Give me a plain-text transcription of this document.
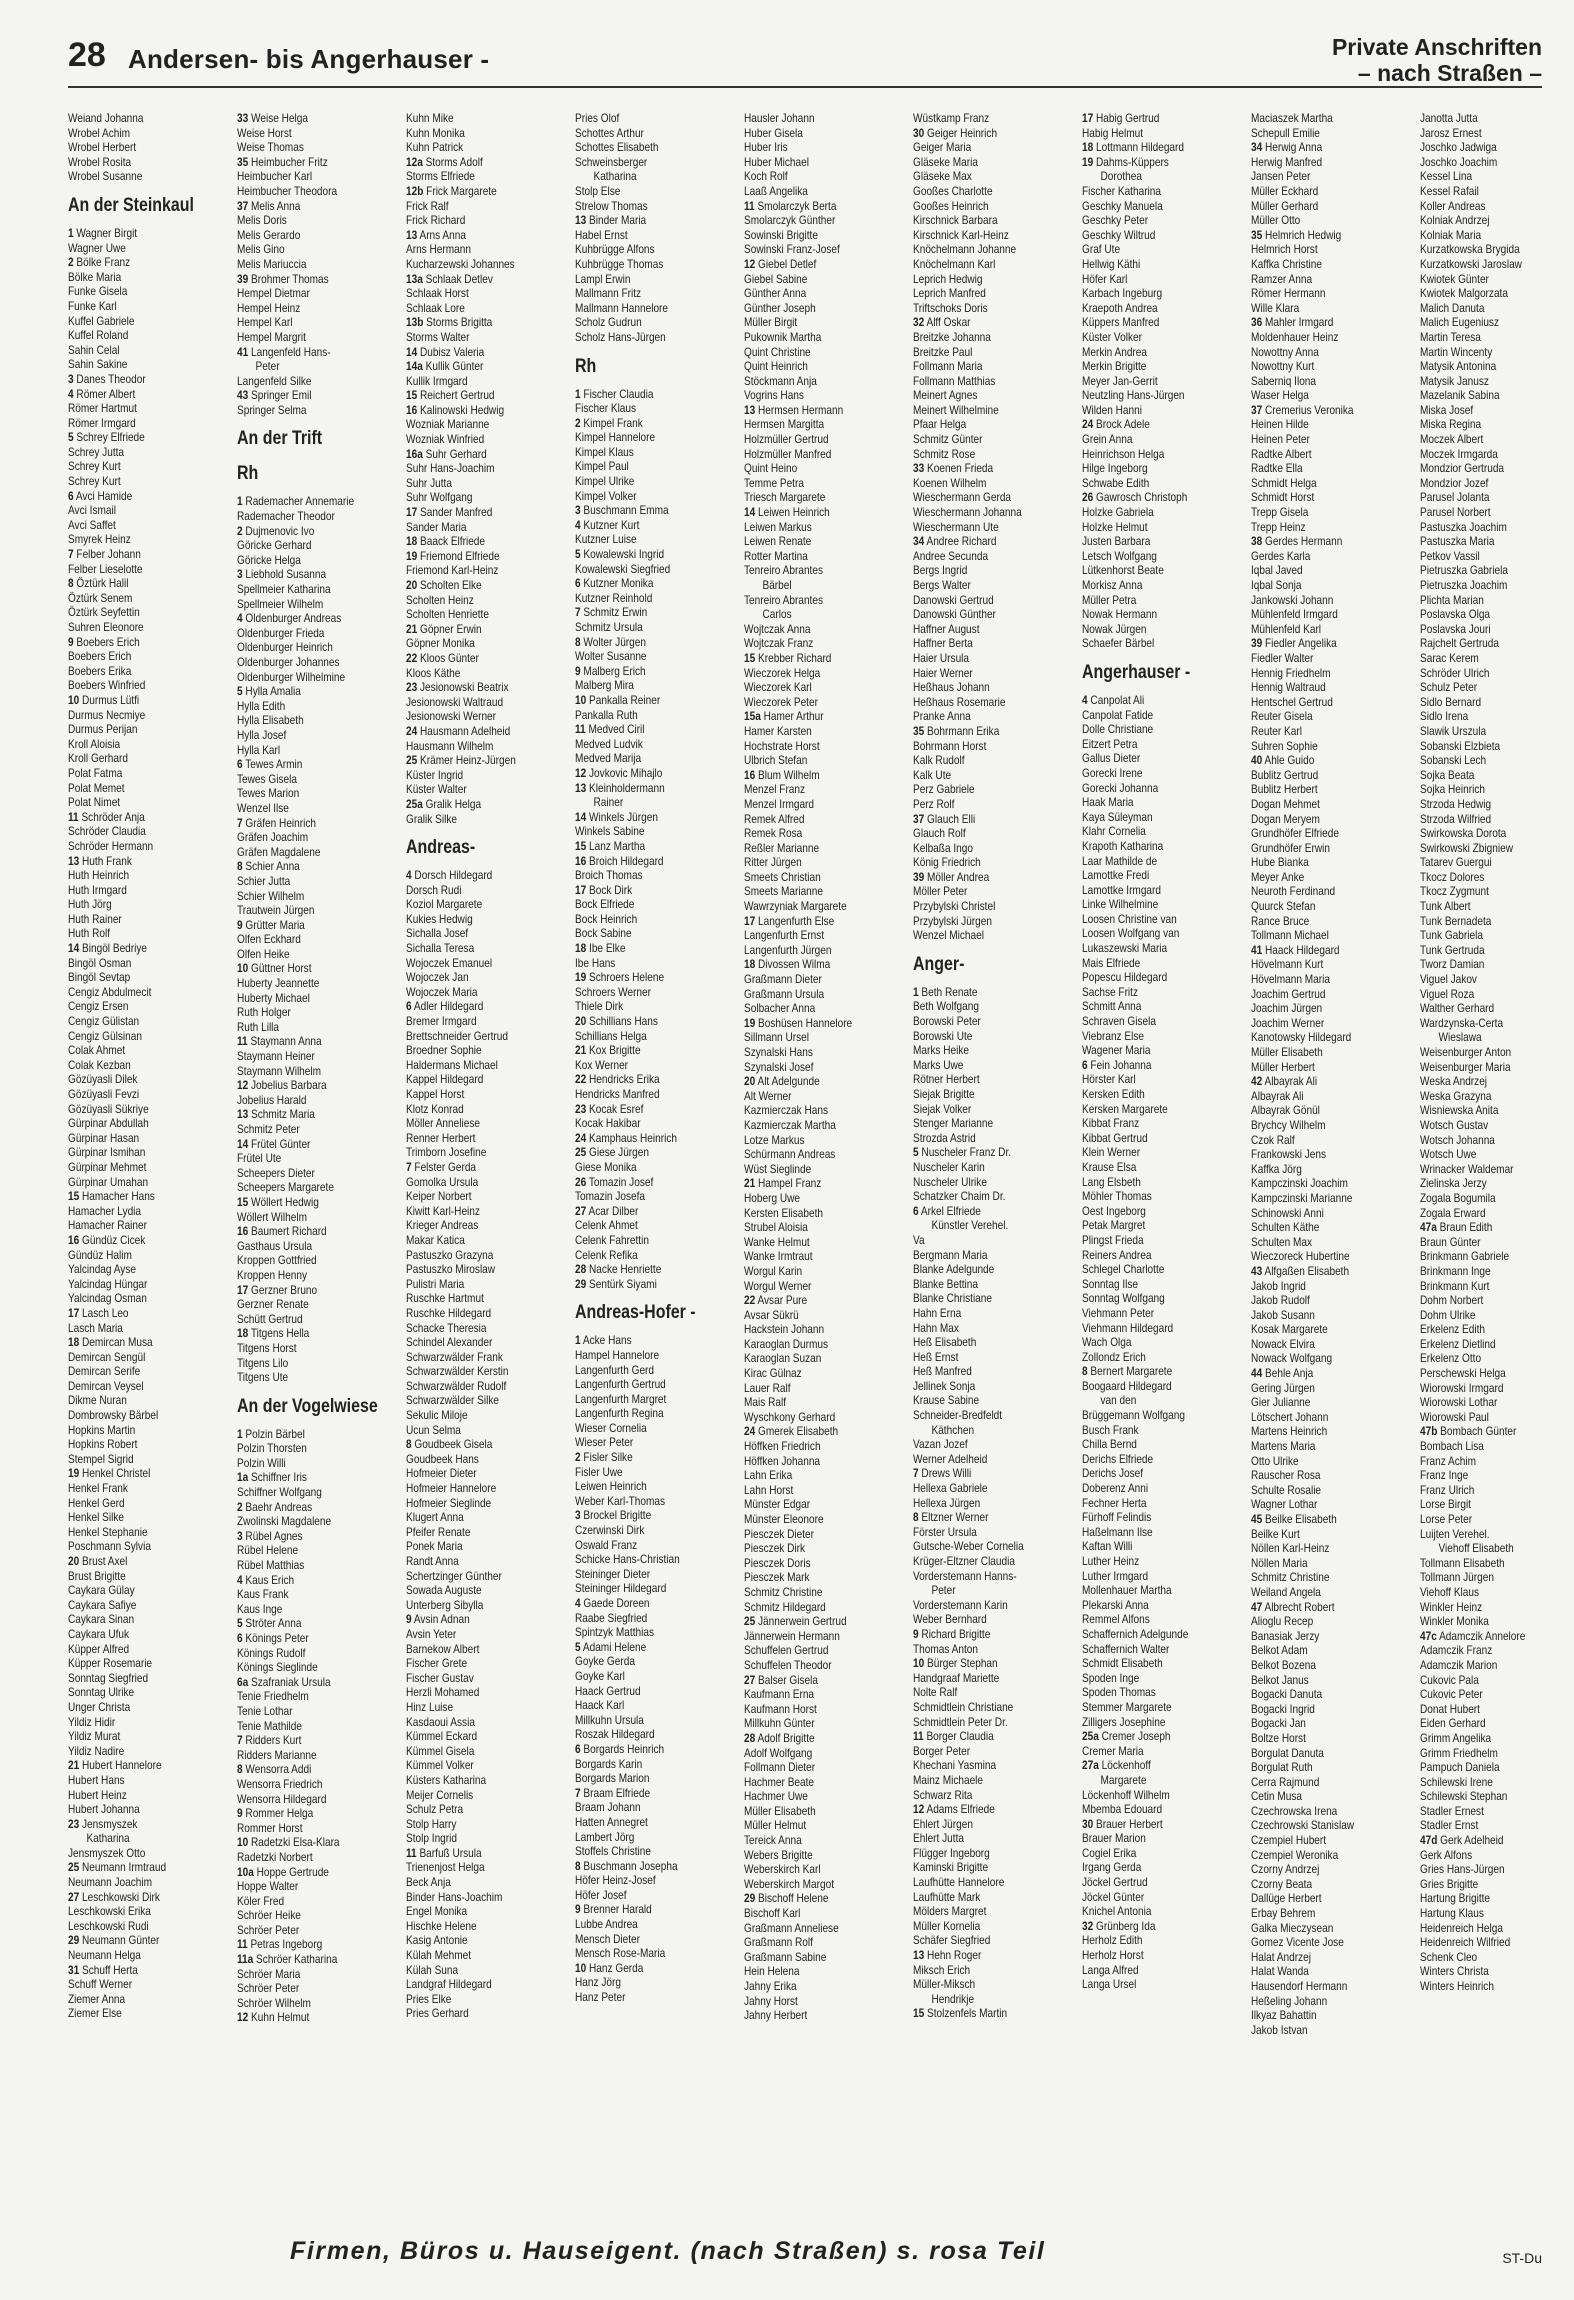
28 Andersen- bis Angerhauser -	Private Anschriften
– nach Straßen –
Weiand Johanna
Wrobel Achim
Wrobel Herbert
Wrobel Rosita
Wrobel Susanne
An der Steinkaul
1 Wagner Birgit
Wagner Uwe
2 Bölke Franz
Bölke Maria
Funke Gisela
Funke Karl
Kuffel Gabriele
Kuffel Roland
Sahin Celal
Sahin Sakine
3 Danes Theodor
4 Römer Albert
Römer Hartmut
Römer Irmgard
5 Schrey Elfriede
Schrey Jutta
Schrey Kurt
Schrey Kurt
6 Avci Hamide
Avci Ismail
Avci Saffet
Smyrek Heinz
7 Felber Johann
Felber Lieselotte
8 Öztürk Halil
Öztürk Senem
Öztürk Seyfettin
Suhren Eleonore
9 Boebers Erich
Boebers Erich
Boebers Erika
Boebers Winfried
10 Durmus Lütfi
Durmus Necmiye
Durmus Perijan
Kroll Aloisia
Kroll Gerhard
Polat Fatma
Polat Memet
Polat Nimet
11 Schröder Anja
Schröder Claudia
Schröder Hermann
13 Huth Frank
Huth Heinrich
Huth Irmgard
Huth Jörg
Huth Rainer
Huth Rolf
14 Bingöl Bedriye
Bingöl Osman
Bingöl Sevtap
Cengiz Abdulmecit
Cengiz Ersen
Cengiz Gülistan
Cengiz Gülsinan
Colak Ahmet
Colak Kezban
Gözüyasli Dilek
Gözüyasli Fevzi
Gözüyasli Sükriye
Gürpinar Abdullah
Gürpinar Hasan
Gürpinar Ismihan
Gürpinar Mehmet
Gürpinar Umahan
15 Hamacher Hans
Hamacher Lydia
Hamacher Rainer
16 Gündüz Cicek
Gündüz Halim
Yalcindag Ayse
Yalcindag Hüngar
Yalcindag Osman
17 Lasch Leo
Lasch Maria
18 Demircan Musa
Demircan Sengül
Demircan Serife
Demircan Veysel
Dikme Nuran
Dombrowsky Bärbel
Hopkins Martin
Hopkins Robert
Stempel Sigrid
19 Henkel Christel
Henkel Frank
Henkel Gerd
Henkel Silke
Henkel Stephanie
Poschmann Sylvia
20 Brust Axel
Brust Brigitte
Caykara Gülay
Caykara Safiye
Caykara Sinan
Caykara Ufuk
Küpper Alfred
Küpper Rosemarie
Sonntag Siegfried
Sonntag Ulrike
Unger Christa
Yildiz Hidir
Yildiz Murat
Yildiz Nadire
21 Hubert Hannelore
Hubert Hans
Hubert Heinz
Hubert Johanna
23 Jensmyszek
Katharina
Jensmyszek Otto
25 Neumann Irmtraud
Neumann Joachim
27 Leschkowski Dirk
Leschkowski Erika
Leschkowski Rudi
29 Neumann Günter
Neumann Helga
31 Schuff Herta
Schuff Werner
Ziemer Anna
Ziemer Else
33 Weise Helga
Weise Horst
Weise Thomas
35 Heimbucher Fritz
Heimbucher Karl
Heimbucher Theodora
37 Melis Anna
Melis Doris
Melis Gerardo
Melis Gino
Melis Mariuccia
39 Brohmer Thomas
Hempel Dietmar
Hempel Heinz
Hempel Karl
Hempel Margrit
41 Langenfeld Hans-
Peter
Langenfeld Silke
43 Springer Emil
Springer Selma
An der Trift
Rh
1 Rademacher Annemarie
Rademacher Theodor
2 Dujmenovic Ivo
Göricke Gerhard
Göricke Helga
3 Liebhold Susanna
Spellmeier Katharina
Spellmeier Wilhelm
4 Oldenburger Andreas
Oldenburger Frieda
Oldenburger Heinrich
Oldenburger Johannes
Oldenburger Wilhelmine
5 Hylla Amalia
Hylla Edith
Hylla Elisabeth
Hylla Josef
Hylla Karl
6 Tewes Armin
Tewes Gisela
Tewes Marion
Wenzel Ilse
7 Gräfen Heinrich
Gräfen Joachim
Gräfen Magdalene
8 Schier Anna
Schier Jutta
Schier Wilhelm
Trautwein Jürgen
9 Grütter Maria
Olfen Eckhard
Olfen Heike
10 Güttner Horst
Huberty Jeannette
Huberty Michael
Ruth Holger
Ruth Lilla
11 Staymann Anna
Staymann Heiner
Staymann Wilhelm
12 Jobelius Barbara
Jobelius Harald
13 Schmitz Maria
Schmitz Peter
14 Frütel Günter
Frütel Ute
Scheepers Dieter
Scheepers Margarete
15 Wöllert Hedwig
Wöllert Wilhelm
16 Baumert Richard
Gasthaus Ursula
Kroppen Gottfried
Kroppen Henny
17 Gerzner Bruno
Gerzner Renate
Schütt Gertrud
18 Titgens Hella
Titgens Horst
Titgens Lilo
Titgens Ute
An der Vogelwiese
1 Polzin Bärbel
Polzin Thorsten
Polzin Willi
1a Schiffner Iris
Schiffner Wolfgang
2 Baehr Andreas
Zwolinski Magdalene
3 Rübel Agnes
Rübel Helene
Rübel Matthias
4 Kaus Erich
Kaus Frank
Kaus Inge
5 Ströter Anna
6 Könings Peter
Könings Rudolf
Könings Sieglinde
6a Szafraniak Ursula
Tenie Friedhelm
Tenie Lothar
Tenie Mathilde
7 Ridders Kurt
Ridders Marianne
8 Wensorra Addi
Wensorra Friedrich
Wensorra Hildegard
9 Rommer Helga
Rommer Horst
10 Radetzki Elsa-Klara
Radetzki Norbert
10a Hoppe Gertrude
Hoppe Walter
Köler Fred
Schröer Heike
Schröer Peter
11 Petras Ingeborg
11a Schröer Katharina
Schröer Maria
Schröer Peter
Schröer Wilhelm
12 Kuhn Helmut
Kuhn Mike
Kuhn Monika
Kuhn Patrick
12a Storms Adolf
Storms Elfriede
12b Frick Margarete
Frick Ralf
Frick Richard
13 Arns Anna
Arns Hermann
Kucharzewski Johannes
13a Schlaak Detlev
Schlaak Horst
Schlaak Lore
13b Storms Brigitta
Storms Walter
14 Dubisz Valeria
14a Kullik Günter
Kullik Irmgard
15 Reichert Gertrud
16 Kalinowski Hedwig
Wozniak Marianne
Wozniak Winfried
16a Suhr Gerhard
Suhr Hans-Joachim
Suhr Jutta
Suhr Wolfgang
17 Sander Manfred
Sander Maria
18 Baack Elfriede
19 Friemond Elfriede
Friemond Karl-Heinz
20 Scholten Elke
Scholten Heinz
Scholten Henriette
21 Göpner Erwin
Göpner Monika
22 Kloos Günter
Kloos Käthe
23 Jesionowski Beatrix
Jesionowski Waltraud
Jesionowski Werner
24 Hausmann Adelheid
Hausmann Wilhelm
25 Krämer Heinz-Jürgen
Küster Ingrid
Küster Walter
25a Gralik Helga
Gralik Silke
Andreas-
4 Dorsch Hildegard
Dorsch Rudi
Koziol Margarete
Kukies Hedwig
Sichalla Josef
Sichalla Teresa
Wojoczek Emanuel
Wojoczek Jan
Wojoczek Maria
6 Adler Hildegard
Bremer Irmgard
Brettschneider Gertrud
Broedner Sophie
Haldermans Michael
Kappel Hildegard
Kappel Horst
Klotz Konrad
Möller Anneliese
Renner Herbert
Trimborn Josefine
7 Felster Gerda
Gomolka Ursula
Keiper Norbert
Kiwitt Karl-Heinz
Krieger Andreas
Makar Katica
Pastuszko Grazyna
Pastuszko Miroslaw
Pulistri Maria
Ruschke Hartmut
Ruschke Hildegard
Schacke Theresia
Schindel Alexander
Schwarzwälder Frank
Schwarzwälder Kerstin
Schwarzwälder Rudolf
Schwarzwälder Silke
Sekulic Miloje
Ucun Selma
8 Goudbeek Gisela
Goudbeek Hans
Hofmeier Dieter
Hofmeier Hannelore
Hofmeier Sieglinde
Klugert Anna
Pfeifer Renate
Ponek Maria
Randt Anna
Schertzinger Günther
Sowada Auguste
Unterberg Sibylla
9 Avsin Adnan
Avsin Yeter
Barnekow Albert
Fischer Grete
Fischer Gustav
Herzli Mohamed
Hinz Luise
Kasdaoui Assia
Kümmel Eckard
Kümmel Gisela
Kümmel Volker
Küsters Katharina
Meijer Cornelis
Schulz Petra
Stolp Harry
Stolp Ingrid
11 Barfuß Ursula
Trienenjost Helga
Beck Anja
Binder Hans-Joachim
Engel Monika
Hischke Helene
Kasig Antonie
Külah Mehmet
Külah Suna
Landgraf Hildegard
Pries Elke
Pries Gerhard
Pries Olof
Schottes Arthur
Schottes Elisabeth
Schweinsberger
Katharina
Stolp Else
Strelow Thomas
13 Binder Maria
Habel Ernst
Kuhbrügge Alfons
Kuhbrügge Thomas
Lampl Erwin
Mallmann Fritz
Mallmann Hannelore
Scholz Gudrun
Scholz Hans-Jürgen
Rh
1 Fischer Claudia
Fischer Klaus
2 Kimpel Frank
Kimpel Hannelore
Kimpel Klaus
Kimpel Paul
Kimpel Ulrike
Kimpel Volker
3 Buschmann Emma
4 Kutzner Kurt
Kutzner Luise
5 Kowalewski Ingrid
Kowalewski Siegfried
6 Kutzner Monika
Kutzner Reinhold
7 Schmitz Erwin
Schmitz Ursula
8 Wolter Jürgen
Wolter Susanne
9 Malberg Erich
Malberg Mira
10 Pankalla Reiner
Pankalla Ruth
11 Medved Ciril
Medved Ludvik
Medved Marija
12 Jovkovic Mihajlo
13 Kleinholdermann
Rainer
14 Winkels Jürgen
Winkels Sabine
15 Lanz Martha
16 Broich Hildegard
Broich Thomas
17 Bock Dirk
Bock Elfriede
Bock Heinrich
Bock Sabine
18 Ibe Elke
Ibe Hans
19 Schroers Helene
Schroers Werner
Thiele Dirk
20 Schillians Hans
Schillians Helga
21 Kox Brigitte
Kox Werner
22 Hendricks Erika
Hendricks Manfred
23 Kocak Esref
Kocak Hakibar
24 Kamphaus Heinrich
25 Giese Jürgen
Giese Monika
26 Tomazin Josef
Tomazin Josefa
27 Acar Dilber
Celenk Ahmet
Celenk Fahrettin
Celenk Refika
28 Nacke Henriette
29 Sentürk Siyami
Andreas-Hofer -
1 Acke Hans
Hampel Hannelore
Langenfurth Gerd
Langenfurth Gertrud
Langenfurth Margret
Langenfurth Regina
Wieser Cornelia
Wieser Peter
2 Fisler Silke
Fisler Uwe
Leiwen Heinrich
Weber Karl-Thomas
3 Brockel Brigitte
Czerwinski Dirk
Oswald Franz
Schicke Hans-Christian
Steininger Dieter
Steininger Hildegard
4 Gaede Doreen
Raabe Siegfried
Spintzyk Matthias
5 Adami Helene
Goyke Gerda
Goyke Karl
Haack Gertrud
Haack Karl
Millkuhn Ursula
Roszak Hildegard
6 Borgards Heinrich
Borgards Karin
Borgards Marion
7 Braam Elfriede
Braam Johann
Hatten Annegret
Lambert Jörg
Stoffels Christine
8 Buschmann Josepha
Höfer Heinz-Josef
Höfer Josef
9 Brenner Harald
Lubbe Andrea
Mensch Dieter
Mensch Rose-Maria
10 Hanz Gerda
Hanz Jörg
Hanz Peter
Hausler Johann
Huber Gisela
Huber Iris
Huber Michael
Koch Rolf
Laaß Angelika
11 Smolarczyk Berta
Smolarczyk Günther
Sowinski Brigitte
Sowinski Franz-Josef
12 Giebel Detlef
Giebel Sabine
Günther Anna
Günther Joseph
Müller Birgit
Pukownik Martha
Quint Christine
Quint Heinrich
Stöckmann Anja
Vogrins Hans
13 Hermsen Hermann
Hermsen Margitta
Holzmüller Gertrud
Holzmüller Manfred
Quint Heino
Temme Petra
Triesch Margarete
14 Leiwen Heinrich
Leiwen Markus
Leiwen Renate
Rotter Martina
Tenreiro Abrantes
Bärbel
Tenreiro Abrantes
Carlos
Wojtczak Anna
Wojtczak Franz
15 Krebber Richard
Wieczorek Helga
Wieczorek Karl
Wieczorek Peter
15a Hamer Arthur
Hamer Karsten
Hochstrate Horst
Ulbrich Stefan
16 Blum Wilhelm
Menzel Franz
Menzel Irmgard
Remek Alfred
Remek Rosa
Reßler Marianne
Ritter Jürgen
Smeets Christian
Smeets Marianne
Wawrzyniak Margarete
17 Langenfurth Else
Langenfurth Ernst
Langenfurth Jürgen
18 Divossen Wilma
Graßmann Dieter
Graßmann Ursula
Solbacher Anna
19 Boshüsen Hannelore
Sillmann Ursel
Szynalski Hans
Szynalski Josef
20 Alt Adelgunde
Alt Werner
Kazmierczak Hans
Kazmierczak Martha
Lotze Markus
Schürmann Andreas
Wüst Sieglinde
21 Hampel Franz
Hoberg Uwe
Kersten Elisabeth
Strubel Aloisia
Wanke Helmut
Wanke Irmtraut
Worgul Karin
Worgul Werner
22 Avsar Pure
Avsar Sükrü
Hackstein Johann
Karaoglan Durmus
Karaoglan Suzan
Kirac Gülnaz
Lauer Ralf
Mais Ralf
Wyschkony Gerhard
24 Gmerek Elisabeth
Höffken Friedrich
Höffken Johanna
Lahn Erika
Lahn Horst
Münster Edgar
Münster Eleonore
Piesczek Dieter
Piesczek Dirk
Piesczek Doris
Piesczek Mark
Schmitz Christine
Schmitz Hildegard
25 Jännerwein Gertrud
Jännerwein Hermann
Schuffelen Gertrud
Schuffelen Theodor
27 Balser Gisela
Kaufmann Erna
Kaufmann Horst
Millkuhn Günter
28 Adolf Brigitte
Adolf Wolfgang
Follmann Dieter
Hachmer Beate
Hachmer Uwe
Müller Elisabeth
Müller Helmut
Tereick Anna
Webers Brigitte
Weberskirch Karl
Weberskirch Margot
29 Bischoff Helene
Bischoff Karl
Graßmann Anneliese
Graßmann Rolf
Graßmann Sabine
Hein Helena
Jahny Erika
Jahny Horst
Jahny Herbert
Wüstkamp Franz
30 Geiger Heinrich
Geiger Maria
Gläseke Maria
Gläseke Max
Gooßes Charlotte
Gooßes Heinrich
Kirschnick Barbara
Kirschnick Karl-Heinz
Knöchelmann Johanne
Knöchelmann Karl
Leprich Hedwig
Leprich Manfred
Triftschoks Doris
32 Alff Oskar
Breitzke Johanna
Breitzke Paul
Follmann Maria
Follmann Matthias
Meinert Agnes
Meinert Wilhelmine
Pfaar Helga
Schmitz Günter
Schmitz Rose
33 Koenen Frieda
Koenen Wilhelm
Wieschermann Gerda
Wieschermann Johanna
Wieschermann Ute
34 Andree Richard
Andree Secunda
Bergs Ingrid
Bergs Walter
Danowski Gertrud
Danowski Günther
Haffner August
Haffner Berta
Haier Ursula
Haier Werner
Heßhaus Johann
Heßhaus Rosemarie
Pranke Anna
35 Bohrmann Erika
Bohrmann Horst
Kalk Rudolf
Kalk Ute
Perz Gabriele
Perz Rolf
37 Glauch Elli
Glauch Rolf
Kelbaßa Ingo
König Friedrich
39 Möller Andrea
Möller Peter
Przybylski Christel
Przybylski Jürgen
Wenzel Michael
Anger-
1 Beth Renate
Beth Wolfgang
Borowski Peter
Borowski Ute
Marks Heike
Marks Uwe
Rötner Herbert
Siejak Brigitte
Siejak Volker
Stenger Marianne
Strozda Astrid
5 Nuscheler Franz Dr.
Nuscheler Karin
Nuscheler Ulrike
Schatzker Chaim Dr.
6 Arkel Elfriede
Künstler Verehel.
Va
Bergmann Maria
Blanke Adelgunde
Blanke Bettina
Blanke Christiane
Hahn Erna
Hahn Max
Heß Elisabeth
Heß Ernst
Heß Manfred
Jellinek Sonja
Krause Sabine
Schneider-Bredfeldt
Käthchen
Vazan Jozef
Werner Adelheid
7 Drews Willi
Hellexa Gabriele
Hellexa Jürgen
8 Eltzner Werner
Förster Ursula
Gutsche-Weber Cornelia
Krüger-Eltzner Claudia
Vorderstemann Hanns-
Peter
Vorderstemann Karin
Weber Bernhard
9 Richard Brigitte
Thomas Anton
10 Bürger Stephan
Handgraaf Mariette
Nolte Ralf
Schmidtlein Christiane
Schmidtlein Peter Dr.
11 Borger Claudia
Borger Peter
Khechani Yasmina
Mainz Michaele
Schwarz Rita
12 Adams Elfriede
Ehlert Jürgen
Ehlert Jutta
Flügger Ingeborg
Kaminski Brigitte
Laufhütte Hannelore
Laufhütte Mark
Mölders Margret
Müller Kornelia
Schäfer Siegfried
13 Hehn Roger
Miksch Erich
Müller-Miksch
Hendrikje
15 Stolzenfels Martin
17 Habig Gertrud
Habig Helmut
18 Lottmann Hildegard
19 Dahms-Küppers
Dorothea
Fischer Katharina
Geschky Manuela
Geschky Peter
Geschky Wiltrud
Graf Ute
Hellwig Käthi
Höfer Karl
Karbach Ingeburg
Kraepoth Andrea
Küppers Manfred
Küster Volker
Merkin Andrea
Merkin Brigitte
Meyer Jan-Gerrit
Neutzling Hans-Jürgen
Wilden Hanni
24 Brock Adele
Grein Anna
Heinrichson Helga
Hilge Ingeborg
Schwabe Edith
26 Gawrosch Christoph
Holzke Gabriela
Holzke Helmut
Justen Barbara
Letsch Wolfgang
Lütkenhorst Beate
Morkisz Anna
Müller Petra
Nowak Hermann
Nowak Jürgen
Schaefer Bärbel
Angerhauser -
4 Canpolat Ali
Canpolat Fatide
Dolle Christiane
Eitzert Petra
Gallus Dieter
Gorecki Irene
Gorecki Johanna
Haak Maria
Kaya Süleyman
Klahr Cornelia
Krapoth Katharina
Laar Mathilde de
Lamottke Fredi
Lamottke Irmgard
Linke Wilhelmine
Loosen Christine van
Loosen Wolfgang van
Lukaszewski Maria
Mais Elfriede
Popescu Hildegard
Sachse Fritz
Schmitt Anna
Schraven Gisela
Viebranz Else
Wagener Maria
6 Fein Johanna
Hörster Karl
Kersken Edith
Kersken Margarete
Kibbat Franz
Kibbat Gertrud
Klein Werner
Krause Elsa
Lang Elsbeth
Möhler Thomas
Oest Ingeborg
Petak Margret
Plingst Frieda
Reiners Andrea
Schlegel Charlotte
Sonntag Ilse
Sonntag Wolfgang
Viehmann Peter
Viehmann Hildegard
Wach Olga
Zollondz Erich
8 Bernert Margarete
Boogaard Hildegard
van den
Brüggemann Wolfgang
Busch Frank
Chilla Bernd
Derichs Elfriede
Derichs Josef
Doberenz Anni
Fechner Herta
Fürhoff Felindis
Haßelmann Ilse
Kaftan Willi
Luther Heinz
Luther Irmgard
Mollenhauer Martha
Plekarski Anna
Remmel Alfons
Schaffernich Adelgunde
Schaffernich Walter
Schmidt Elisabeth
Spoden Inge
Spoden Thomas
Stemmer Margarete
Zilligers Josephine
25a Cremer Joseph
Cremer Maria
27a Löckenhoff
Margarete
Löckenhoff Wilhelm
Mbemba Edouard
30 Brauer Herbert
Brauer Marion
Cogiel Erika
Irgang Gerda
Jöckel Gertrud
Jöckel Günter
Knichel Antonia
32 Grünberg Ida
Herholz Edith
Herholz Horst
Langa Alfred
Langa Ursel
Maciaszek Martha
Schepull Emilie
34 Herwig Anna
Herwig Manfred
Jansen Peter
Müller Eckhard
Müller Gerhard
Müller Otto
35 Helmrich Hedwig
Helmrich Horst
Kaffka Christine
Ramzer Anna
Römer Hermann
Wille Klara
36 Mahler Irmgard
Moldenhauer Heinz
Nowottny Anna
Nowottny Kurt
Saberniq Ilona
Waser Helga
37 Cremerius Veronika
Heinen Hilde
Heinen Peter
Radtke Albert
Radtke Ella
Schmidt Helga
Schmidt Horst
Trepp Gisela
Trepp Heinz
38 Gerdes Hermann
Gerdes Karla
Iqbal Javed
Iqbal Sonja
Jankowski Johann
Mühlenfeld Irmgard
Mühlenfeld Karl
39 Fiedler Angelika
Fiedler Walter
Hennig Friedhelm
Hennig Waltraud
Hentschel Gertrud
Reuter Gisela
Reuter Karl
Suhren Sophie
40 Ahle Guido
Bublitz Gertrud
Bublitz Herbert
Dogan Mehmet
Dogan Meryem
Grundhöfer Elfriede
Grundhöfer Erwin
Hube Bianka
Meyer Anke
Neuroth Ferdinand
Quurck Stefan
Rance Bruce
Tollmann Michael
41 Haack Hildegard
Hövelmann Kurt
Hövelmann Maria
Joachim Gertrud
Joachim Jürgen
Joachim Werner
Kanotowsky Hildegard
Müller Elisabeth
Müller Herbert
42 Albayrak Ali
Albayrak Ali
Albayrak Gönül
Brychcy Wilhelm
Czok Ralf
Frankowski Jens
Kaffka Jörg
Kampczinski Joachim
Kampczinski Marianne
Schinowski Anni
Schulten Käthe
Schulten Max
Wieczoreck Hubertine
43 Alfgaßen Elisabeth
Jakob Ingrid
Jakob Rudolf
Jakob Susann
Kosak Margarete
Nowack Elvira
Nowack Wolfgang
44 Behle Anja
Gering Jürgen
Gier Julianne
Lötschert Johann
Martens Heinrich
Martens Maria
Otto Ulrike
Rauscher Rosa
Schulte Rosalie
Wagner Lothar
45 Beilke Elisabeth
Beilke Kurt
Nöllen Karl-Heinz
Nöllen Maria
Schmitz Christine
Weiland Angela
47 Albrecht Robert
Alioglu Recep
Banasiak Jerzy
Belkot Adam
Belkot Bozena
Belkot Janus
Bogacki Danuta
Bogacki Ingrid
Bogacki Jan
Boltze Horst
Borgulat Danuta
Borgulat Ruth
Cerra Rajmund
Cetin Musa
Czechrowska Irena
Czechrowski Stanislaw
Czempiel Hubert
Czempiel Weronika
Czorny Andrzej
Czorny Beata
Dallüge Herbert
Erbay Behrem
Galka Mieczysean
Gomez Vicente Jose
Halat Andrzej
Halat Wanda
Hausendorf Hermann
Heßeling Johann
Ilkyaz Bahattin
Jakob Istvan
Janotta Jutta
Jarosz Ernest
Joschko Jadwiga
Joschko Joachim
Kessel Lina
Kessel Rafail
Koller Andreas
Kolniak Andrzej
Kolniak Maria
Kurzatkowska Brygida
Kurzatkowski Jaroslaw
Kwiotek Günter
Kwiotek Malgorzata
Malich Danuta
Malich Eugeniusz
Martin Teresa
Martin Wincenty
Matysik Antonina
Matysik Janusz
Mazelanik Sabina
Miska Josef
Miska Regina
Moczek Albert
Moczek Irmgarda
Mondzior Gertruda
Mondzior Jozef
Parusel Jolanta
Parusel Norbert
Pastuszka Joachim
Pastuszka Maria
Petkov Vassil
Pietruszka Gabriela
Pietruszka Joachim
Plichta Marian
Poslavska Olga
Poslavska Jouri
Rajchelt Gertruda
Sarac Kerem
Schröder Ulrich
Schulz Peter
Sidlo Bernard
Sidlo Irena
Slawik Urszula
Sobanski Elzbieta
Sobanski Lech
Sojka Beata
Sojka Heinrich
Strzoda Hedwig
Strzoda Wilfried
Swirkowska Dorota
Swirkowski Zbigniew
Tatarev Guergui
Tkocz Dolores
Tkocz Zygmunt
Tunk Albert
Tunk Bernadeta
Tunk Gabriela
Tunk Gertruda
Tworz Damian
Viguel Jakov
Viguel Roza
Walther Gerhard
Wardzynska-Certa
Wieslawa
Weisenburger Anton
Weisenburger Maria
Weska Andrzej
Weska Grazyna
Wisniewska Anita
Wotsch Gustav
Wotsch Johanna
Wotsch Uwe
Wrinacker Waldemar
Zielinska Jerzy
Zogala Bogumila
Zogala Erward
47a Braun Edith
Braun Günter
Brinkmann Gabriele
Brinkmann Inge
Brinkmann Kurt
Dohm Norbert
Dohm Ulrike
Erkelenz Edith
Erkelenz Dietlind
Erkelenz Otto
Perschewski Helga
Wiorowski Irmgard
Wiorowski Lothar
Wiorowski Paul
47b Bombach Günter
Bombach Lisa
Franz Achim
Franz Inge
Franz Ulrich
Lorse Birgit
Lorse Peter
Luijten Verehel.
Viehoff Elisabeth
Tollmann Elisabeth
Tollmann Jürgen
Viehoff Klaus
Winkler Heinz
Winkler Monika
47c Adamczik Annelore
Adamczik Franz
Adamczik Marion
Cukovic Pala
Cukovic Peter
Donat Hubert
Eiden Gerhard
Grimm Angelika
Grimm Friedhelm
Pampuch Daniela
Schilewski Irene
Schilewski Stephan
Stadler Ernest
Stadler Ernst
47d Gerk Adelheid
Gerk Alfons
Gries Hans-Jürgen
Gries Brigitte
Hartung Brigitte
Hartung Klaus
Heidenreich Helga
Heidenreich Wilfried
Schenk Cleo
Winters Christa
Winters Heinrich
Firmen, Büros u. Hauseigent. (nach Straßen) s. rosa Teil	ST-Du
